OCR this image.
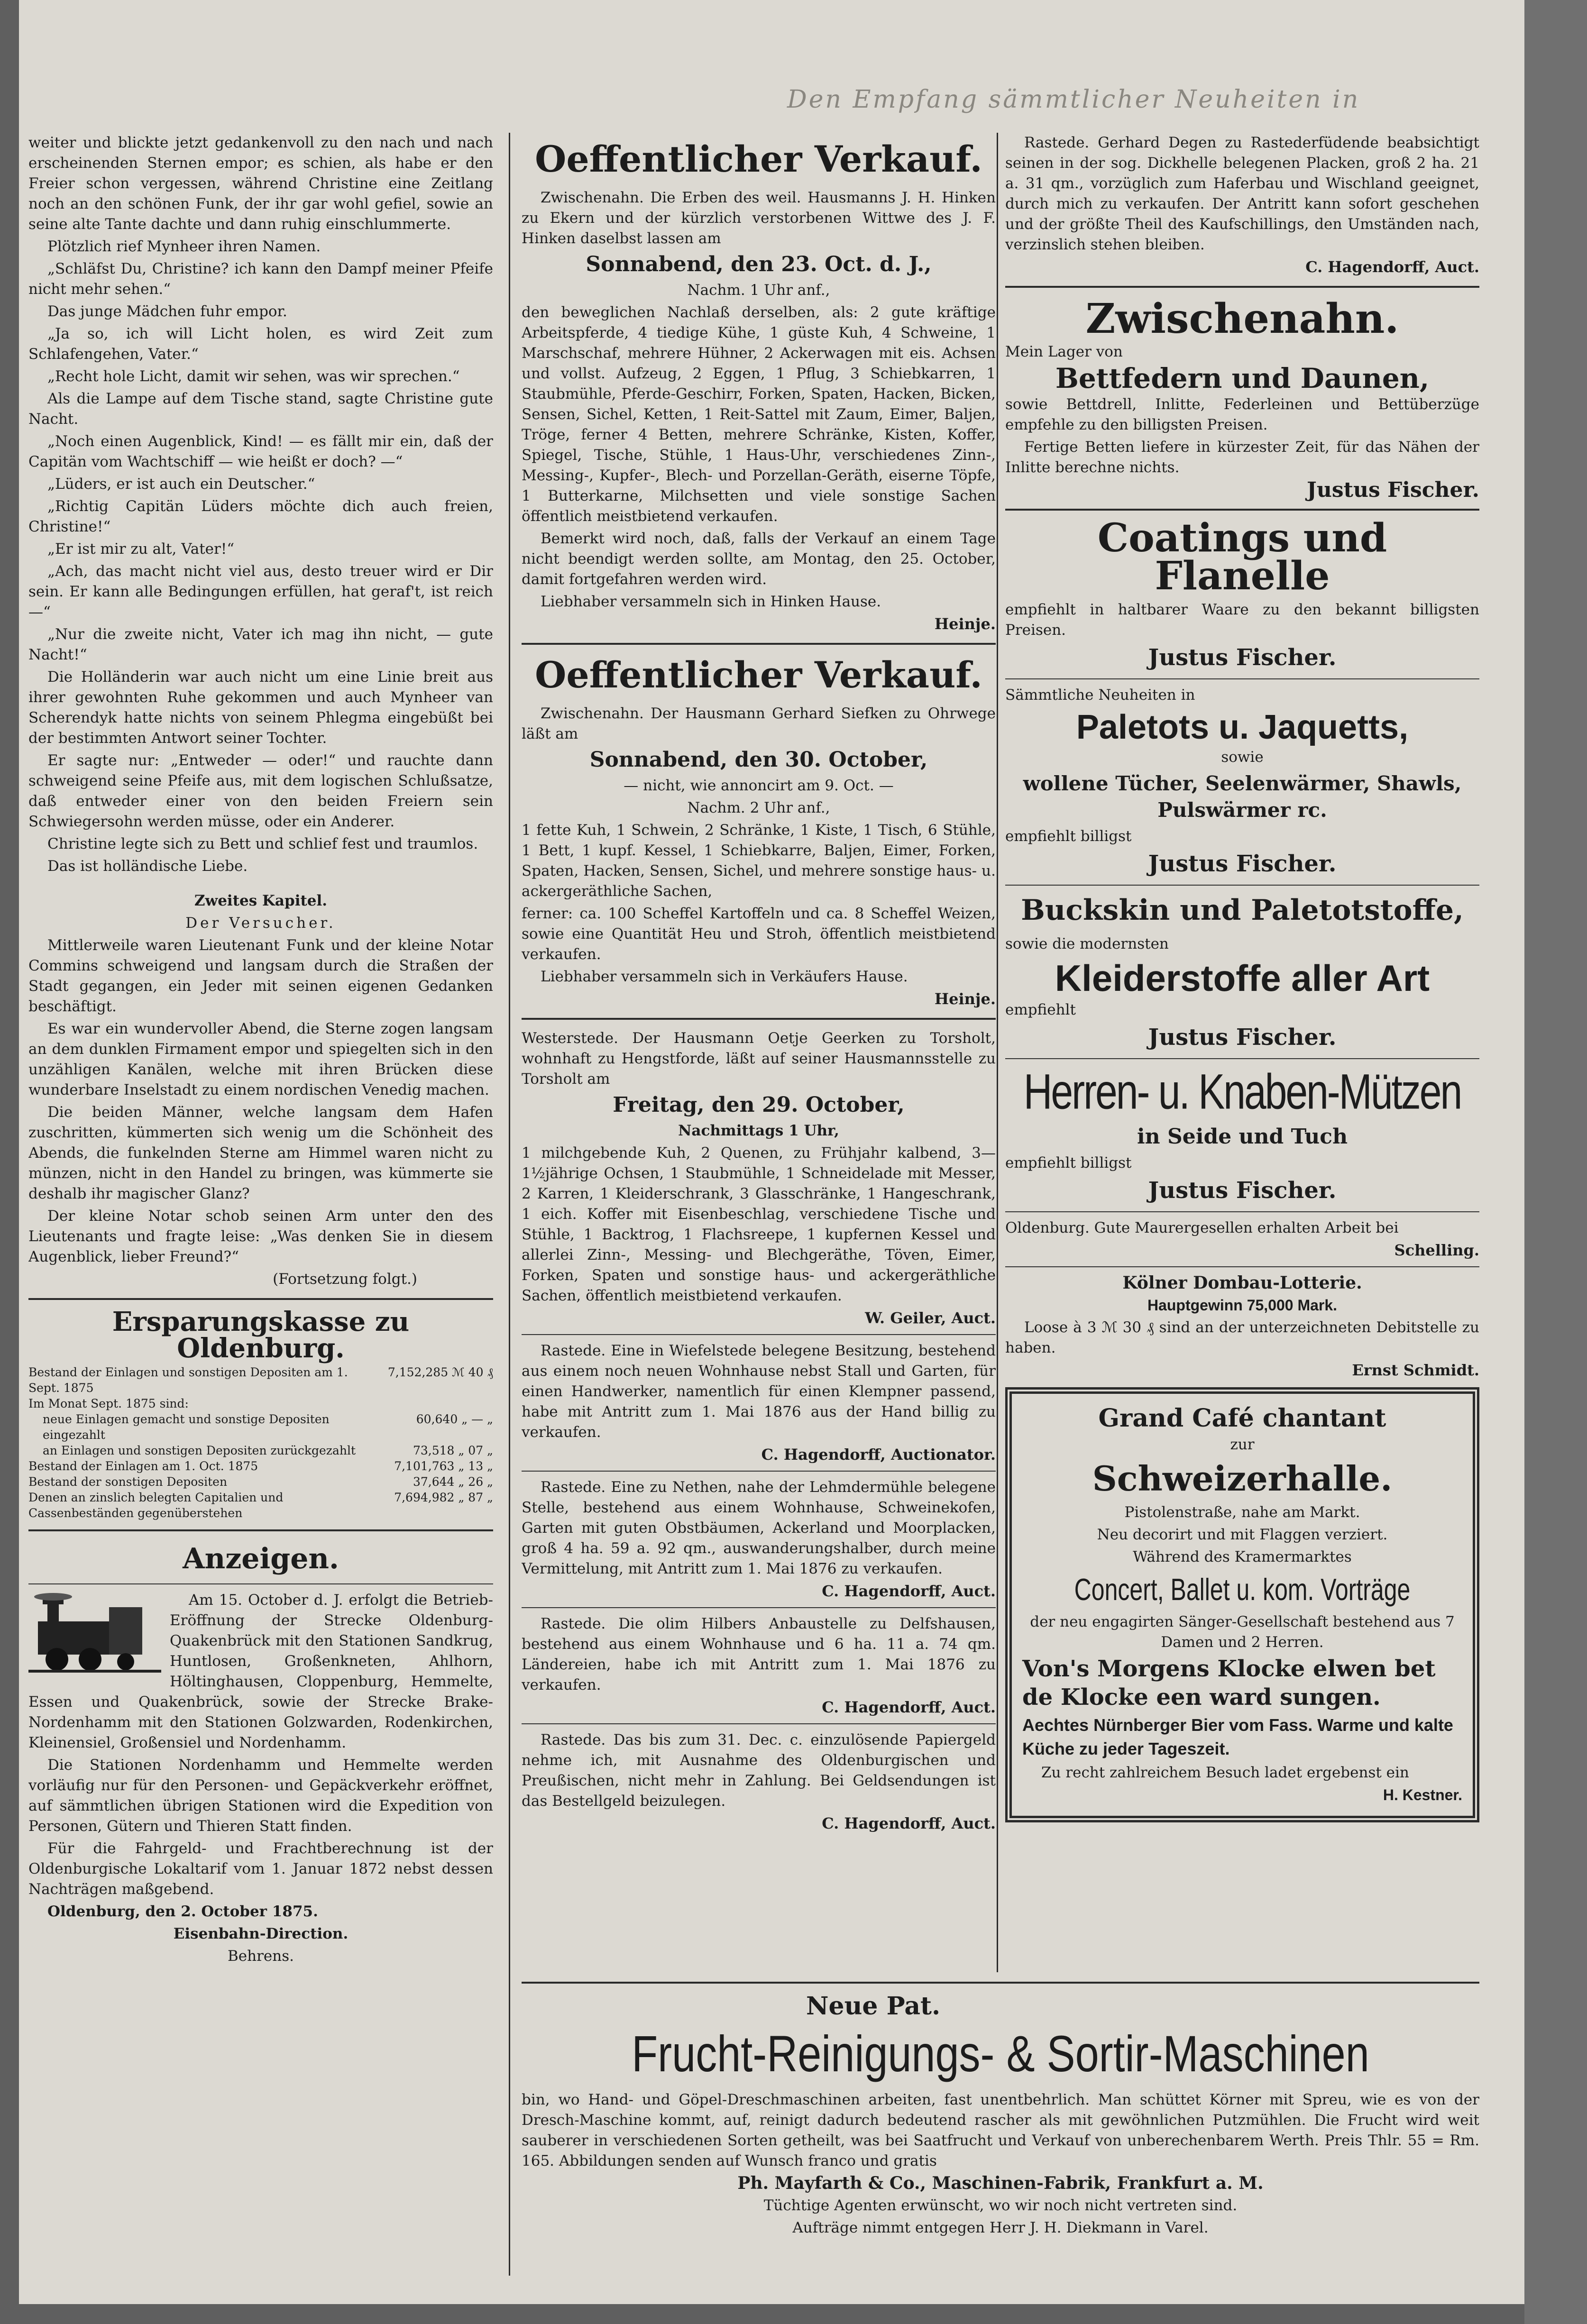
Den Empfang sämmtlicher Neuheiten in

weiter und blickte jetzt gedankenvoll zu den nach und nach erscheinenden Sternen empor; es schien, als habe er den Freier schon vergessen, während Christine eine Zeitlang noch an den schönen Funk, der ihr gar wohl gefiel, sowie an seine alte Tante dachte und dann ruhig einschlummerte.

Plötzlich rief Mynheer ihren Namen.

„Schläfst Du, Christine? ich kann den Dampf meiner Pfeife nicht mehr sehen.“

Das junge Mädchen fuhr empor.

„Ja so, ich will Licht holen, es wird Zeit zum Schlafengehen, Vater.“

„Recht hole Licht, damit wir sehen, was wir sprechen.“

Als die Lampe auf dem Tische stand, sagte Christine gute Nacht.

„Noch einen Augenblick, Kind! — es fällt mir ein, daß der Capitän vom Wachtschiff — wie heißt er doch? —“

„Lüders, er ist auch ein Deutscher.“

„Richtig Capitän Lüders möchte dich auch freien, Christine!“

„Er ist mir zu alt, Vater!“

„Ach, das macht nicht viel aus, desto treuer wird er Dir sein. Er kann alle Bedingungen erfüllen, hat geraf't, ist reich —“

„Nur die zweite nicht, Vater ich mag ihn nicht, — gute Nacht!“

Die Holländerin war auch nicht um eine Linie breit aus ihrer gewohnten Ruhe gekommen und auch Mynheer van Scherendyk hatte nichts von seinem Phlegma eingebüßt bei der bestimmten Antwort seiner Tochter.

Er sagte nur: „Entweder — oder!“ und rauchte dann schweigend seine Pfeife aus, mit dem logischen Schlußsatze, daß entweder einer von den beiden Freiern sein Schwiegersohn werden müsse, oder ein Anderer.

Christine legte sich zu Bett und schlief fest und traumlos.

Das ist holländische Liebe.

Zweites Kapitel.

Der Versucher.

Mittlerweile waren Lieutenant Funk und der kleine Notar Commins schweigend und langsam durch die Straßen der Stadt gegangen, ein Jeder mit seinen eigenen Gedanken beschäftigt.

Es war ein wundervoller Abend, die Sterne zogen langsam an dem dunklen Firmament empor und spiegelten sich in den unzähligen Kanälen, welche mit ihren Brücken diese wunderbare Inselstadt zu einem nordischen Venedig machen.

Die beiden Männer, welche langsam dem Hafen zuschritten, kümmerten sich wenig um die Schönheit des Abends, die funkelnden Sterne am Himmel waren nicht zu münzen, nicht in den Handel zu bringen, was kümmerte sie deshalb ihr magischer Glanz?

Der kleine Notar schob seinen Arm unter den des Lieutenants und fragte leise: „Was denken Sie in diesem Augenblick, lieber Freund?“

(Fortsetzung folgt.)

Ersparungskasse zu Oldenburg.
Bestand der Einlagen und sonstigen Depositen am 1. Sept. 1875
7,152,285 ℳ 40 ₰
Im Monat Sept. 1875 sind:
neue Einlagen gemacht und sonstige Depositen eingezahlt
60,640 „ — „
an Einlagen und sonstigen Depositen zurückgezahlt	73,518 „ 07 „
Bestand der Einlagen am 1. Oct. 1875	7,101,763 „ 13 „
Bestand der sonstigen Depositen	37,644 „ 26 „
Denen an zinslich belegten Capitalien und Cassenbeständen gegenüberstehen
7,694,982 „ 87 „
Anzeigen.

Am 15. October d. J. erfolgt die Betrieb-Eröffnung der Strecke Oldenburg-Quakenbrück mit den Stationen Sandkrug, Huntlosen, Großenkneten, Ahlhorn, Höltinghausen, Cloppenburg, Hemmelte, Essen und Quakenbrück, sowie der Strecke Brake-Nordenhamm mit den Stationen Golzwarden, Rodenkirchen, Kleinensiel, Großensiel und Nordenhamm.

Die Stationen Nordenhamm und Hemmelte werden vorläufig nur für den Personen- und Gepäckverkehr eröffnet, auf sämmtlichen übrigen Stationen wird die Expedition von Personen, Gütern und Thieren Statt finden.

Für die Fahrgeld- und Frachtberechnung ist der Oldenburgische Lokaltarif vom 1. Januar 1872 nebst dessen Nachträgen maßgebend.

Oldenburg, den 2. October 1875.

Eisenbahn-Direction.

Behrens.

Oeffentlicher Verkauf.

Zwischenahn. Die Erben des weil. Hausmanns J. H. Hinken zu Ekern und der kürzlich verstorbenen Wittwe des J. F. Hinken daselbst lassen am

Sonnabend, den 23. Oct. d. J.,

Nachm. 1 Uhr anf.,

den beweglichen Nachlaß derselben, als: 2 gute kräftige Arbeitspferde, 4 tiedige Kühe, 1 güste Kuh, 4 Schweine, 1 Marschschaf, mehrere Hühner, 2 Ackerwagen mit eis. Achsen und vollst. Aufzeug, 2 Eggen, 1 Pflug, 3 Schiebkarren, 1 Staubmühle, Pferde-Geschirr, Forken, Spaten, Hacken, Bicken, Sensen, Sichel, Ketten, 1 Reit-Sattel mit Zaum, Eimer, Baljen, Tröge, ferner 4 Betten, mehrere Schränke, Kisten, Koffer, Spiegel, Tische, Stühle, 1 Haus-Uhr, verschiedenes Zinn-, Messing-, Kupfer-, Blech- und Porzellan-Geräth, eiserne Töpfe, 1 Butterkarne, Milchsetten und viele sonstige Sachen öffentlich meistbietend verkaufen.

Bemerkt wird noch, daß, falls der Verkauf an einem Tage nicht beendigt werden sollte, am Montag, den 25. October, damit fortgefahren werden wird.

Liebhaber versammeln sich in Hinken Hause.

Heinje.

Oeffentlicher Verkauf.

Zwischenahn. Der Hausmann Gerhard Siefken zu Ohrwege läßt am

Sonnabend, den 30. October,

— nicht, wie annoncirt am 9. Oct. —

Nachm. 2 Uhr anf.,

1 fette Kuh, 1 Schwein, 2 Schränke, 1 Kiste, 1 Tisch, 6 Stühle, 1 Bett, 1 kupf. Kessel, 1 Schiebkarre, Baljen, Eimer, Forken, Spaten, Hacken, Sensen, Sichel, und mehrere sonstige haus- u. ackergeräthliche Sachen,

ferner: ca. 100 Scheffel Kartoffeln und ca. 8 Scheffel Weizen, sowie eine Quantität Heu und Stroh, öffentlich meistbietend verkaufen.

Liebhaber versammeln sich in Verkäufers Hause.

Heinje.

Westerstede. Der Hausmann Oetje Geerken zu Torsholt, wohnhaft zu Hengstforde, läßt auf seiner Hausmannsstelle zu Torsholt am

Freitag, den 29. October,

Nachmittags 1 Uhr,

1 milchgebende Kuh, 2 Quenen, zu Frühjahr kalbend, 3—1½jährige Ochsen, 1 Staubmühle, 1 Schneidelade mit Messer, 2 Karren, 1 Kleiderschrank, 3 Glasschränke, 1 Hangeschrank, 1 eich. Koffer mit Eisenbeschlag, verschiedene Tische und Stühle, 1 Backtrog, 1 Flachsreepe, 1 kupfernen Kessel und allerlei Zinn-, Messing- und Blechgeräthe, Töven, Eimer, Forken, Spaten und sonstige haus- und ackergeräthliche Sachen, öffentlich meistbietend verkaufen.

W. Geiler, Auct.

Rastede. Eine in Wiefelstede belegene Besitzung, bestehend aus einem noch neuen Wohnhause nebst Stall und Garten, für einen Handwerker, namentlich für einen Klempner passend, habe mit Antritt zum 1. Mai 1876 aus der Hand billig zu verkaufen.

C. Hagendorff, Auctionator.

Rastede. Eine zu Nethen, nahe der Lehmdermühle belegene Stelle, bestehend aus einem Wohnhause, Schweinekofen, Garten mit guten Obstbäumen, Ackerland und Moorplacken, groß 4 ha. 59 a. 92 qm., auswanderungshalber, durch meine Vermittelung, mit Antritt zum 1. Mai 1876 zu verkaufen.

C. Hagendorff, Auct.

Rastede. Die olim Hilbers Anbaustelle zu Delfshausen, bestehend aus einem Wohnhause und 6 ha. 11 a. 74 qm. Ländereien, habe ich mit Antritt zum 1. Mai 1876 zu verkaufen.

C. Hagendorff, Auct.

Rastede. Das bis zum 31. Dec. c. einzulösende Papiergeld nehme ich, mit Ausnahme des Oldenburgischen und Preußischen, nicht mehr in Zahlung. Bei Geldsendungen ist das Bestellgeld beizulegen.

C. Hagendorff, Auct.

Rastede. Gerhard Degen zu Rastederfüdende beabsichtigt seinen in der sog. Dickhelle belegenen Placken, groß 2 ha. 21 a. 31 qm., vorzüglich zum Haferbau und Wischland geeignet, durch mich zu verkaufen. Der Antritt kann sofort geschehen und der größte Theil des Kaufschillings, den Umständen nach, verzinslich stehen bleiben.

C. Hagendorff, Auct.

Zwischenahn.

Mein Lager von

Bettfedern und Daunen,

sowie Bettdrell, Inlitte, Federleinen und Bettüberzüge empfehle zu den billigsten Preisen.

Fertige Betten liefere in kürzester Zeit, für das Nähen der Inlitte berechne nichts.

Justus Fischer.

Coatings und Flanelle

empfiehlt in haltbarer Waare zu den bekannt billigsten Preisen.

Justus Fischer.

Sämmtliche Neuheiten in

Paletots u. Jaquetts,

sowie

wollene Tücher, Seelenwärmer, Shawls, Pulswärmer rc.

empfiehlt billigst

Justus Fischer.

Buckskin und Paletotstoffe,

sowie die modernsten

Kleiderstoffe aller Art

empfiehlt

Justus Fischer.

Herren- u. Knaben-Mützen
in Seide und Tuch

empfiehlt billigst

Justus Fischer.

Oldenburg. Gute Maurergesellen erhalten Arbeit bei

Schelling.

Kölner Dombau-Lotterie.

Hauptgewinn 75,000 Mark.

Loose à 3 ℳ 30 ₰ sind an der unterzeichneten Debitstelle zu haben.

Ernst Schmidt.

Grand Café chantant

zur

Schweizerhalle.

Pistolenstraße, nahe am Markt.

Neu decorirt und mit Flaggen verziert.

Während des Kramermarktes

Concert, Ballet u. kom. Vorträge

der neu engagirten Sänger-Gesellschaft bestehend aus 7 Damen und 2 Herren.

Von's Morgens Klocke elwen bet de Klocke een ward sungen.

Aechtes Nürnberger Bier vom Fass. Warme und kalte Küche zu jeder Tageszeit.

Zu recht zahlreichem Besuch ladet ergebenst ein

H. Kestner.

Neue Pat.
Frucht-Reinigungs- & Sortir-Maschinen

bin, wo Hand- und Göpel-Dreschmaschinen arbeiten, fast unentbehrlich. Man schüttet Körner mit Spreu, wie es von der Dresch-Maschine kommt, auf, reinigt dadurch bedeutend rascher als mit gewöhnlichen Putzmühlen. Die Frucht wird weit sauberer in verschiedenen Sorten getheilt, was bei Saatfrucht und Verkauf von unberechenbarem Werth. Preis Thlr. 55 = Rm. 165. Abbildungen senden auf Wunsch franco und gratis

Ph. Mayfarth & Co., Maschinen-Fabrik, Frankfurt a. M.

Tüchtige Agenten erwünscht, wo wir noch nicht vertreten sind.

Aufträge nimmt entgegen Herr J. H. Diekmann in Varel.
